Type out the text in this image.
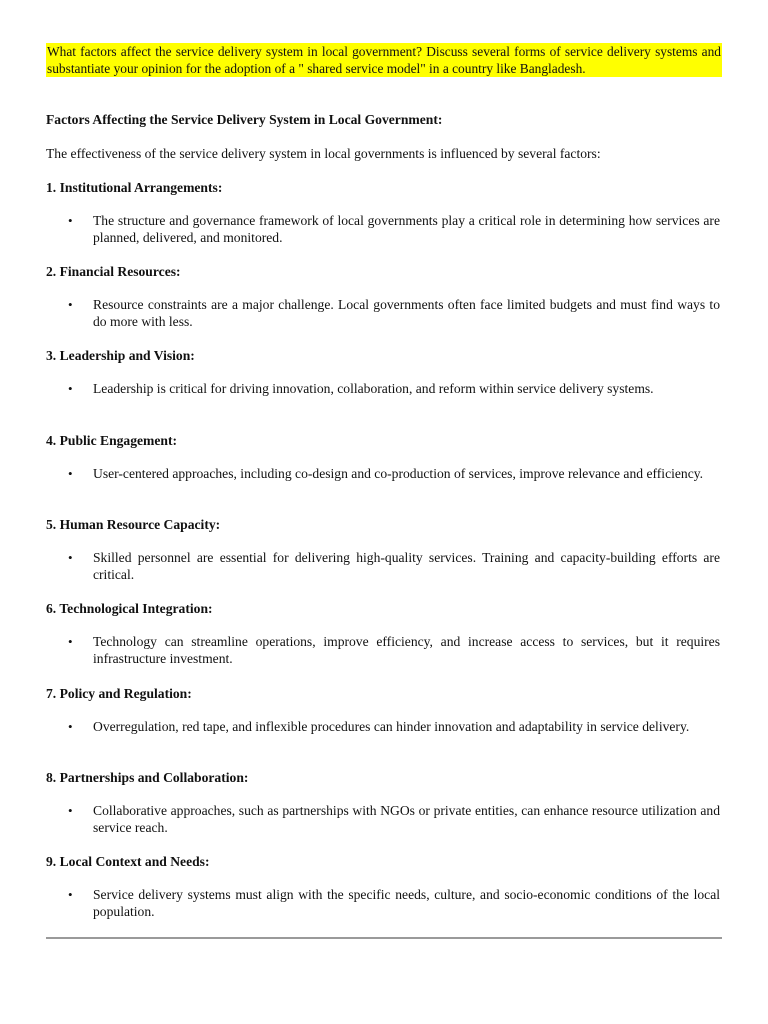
What factors affect the service delivery system in local government? Discuss several forms of service delivery systems and substantiate your opinion for the adoption of a " shared service model" in a country like Bangladesh.
Factors Affecting the Service Delivery System in Local Government:
The effectiveness of the service delivery system in local governments is influenced by several factors:
1. Institutional Arrangements:
• The structure and governance framework of local governments play a critical role in determining how services are planned, delivered, and monitored.
2. Financial Resources:
• Resource constraints are a major challenge. Local governments often face limited budgets and must find ways to do more with less.
3. Leadership and Vision:
• Leadership is critical for driving innovation, collaboration, and reform within service delivery systems.
4. Public Engagement:
• User-centered approaches, including co-design and co-production of services, improve relevance and efficiency.
5. Human Resource Capacity:
• Skilled personnel are essential for delivering high-quality services. Training and capacity-building efforts are critical.
6. Technological Integration:
• Technology can streamline operations, improve efficiency, and increase access to services, but it requires infrastructure investment.
7. Policy and Regulation:
• Overregulation, red tape, and inflexible procedures can hinder innovation and adaptability in service delivery.
8. Partnerships and Collaboration:
• Collaborative approaches, such as partnerships with NGOs or private entities, can enhance resource utilization and service reach.
9. Local Context and Needs:
• Service delivery systems must align with the specific needs, culture, and socio-economic conditions of the local population.
